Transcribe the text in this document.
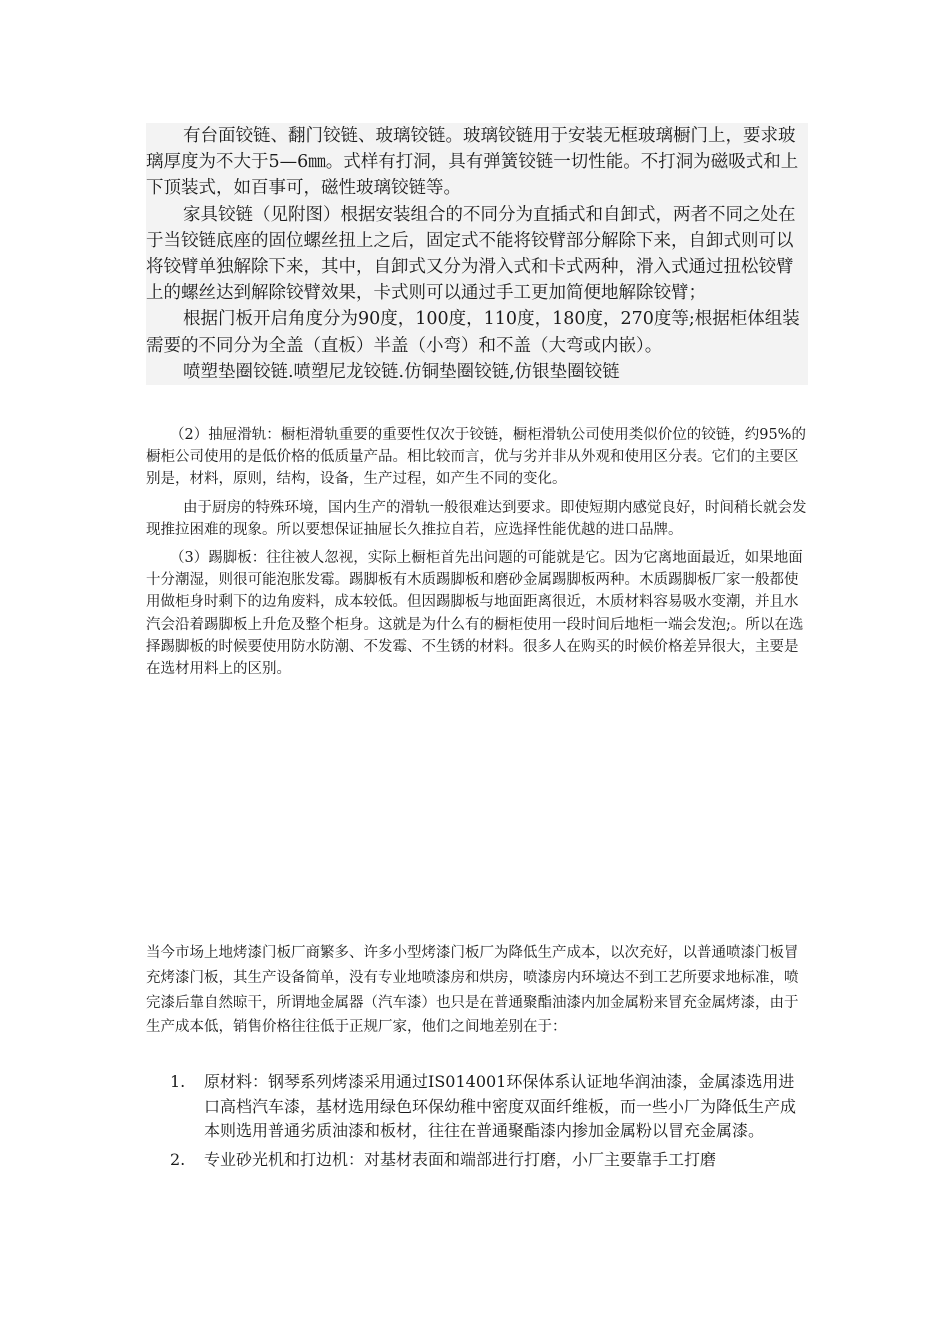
有台面铰链、翻门铰链、玻璃铰链。玻璃铰链用于安装无框玻璃橱门上，要求玻璃厚度为不大于5—6㎜。式样有打洞，具有弹簧铰链一切性能。不打洞为磁吸式和上下顶装式，如百事可，磁性玻璃铰链等。

家具铰链（见附图）根据安装组合的不同分为直插式和自卸式，两者不同之处在于当铰链底座的固位螺丝扭上之后，固定式不能将铰臂部分解除下来，自卸式则可以将铰臂单独解除下来，其中，自卸式又分为滑入式和卡式两种，滑入式通过扭松铰臂上的螺丝达到解除铰臂效果，卡式则可以通过手工更加简便地解除铰臂；

根据门板开启角度分为90度，100度，110度，180度，270度等;根据柜体组装需要的不同分为全盖（直板）半盖（小弯）和不盖（大弯或内嵌）。

喷塑垫圈铰链.喷塑尼龙铰链.仿铜垫圈铰链,仿银垫圈铰链

（2）抽屉滑轨：橱柜滑轨重要的重要性仅次于铰链，橱柜滑轨公司使用类似价位的铰链，约95%的橱柜公司使用的是低价格的低质量产品。相比较而言，优与劣并非从外观和使用区分表。它们的主要区别是，材料，原则，结构，设备，生产过程，如产生不同的变化。

由于厨房的特殊环境，国内生产的滑轨一般很难达到要求。即使短期内感觉良好，时间稍长就会发现推拉困难的现象。所以要想保证抽屉长久推拉自若，应选择性能优越的进口品牌。

（3）踢脚板：往往被人忽视，实际上橱柜首先出问题的可能就是它。因为它离地面最近，如果地面十分潮湿，则很可能泡胀发霉。踢脚板有木质踢脚板和磨砂金属踢脚板两种。木质踢脚板厂家一般都使用做柜身时剩下的边角废料，成本较低。但因踢脚板与地面距离很近，木质材料容易吸水变潮，并且水汽会沿着踢脚板上升危及整个柜身。这就是为什么有的橱柜使用一段时间后地柜一端会发泡;。所以在选择踢脚板的时候要使用防水防潮、不发霉、不生锈的材料。很多人在购买的时候价格差异很大，主要是在选材用料上的区别。

当今市场上地烤漆门板厂商繁多、许多小型烤漆门板厂为降低生产成本，以次充好，以普通喷漆门板冒充烤漆门板，其生产设备简单，没有专业地喷漆房和烘房，喷漆房内环境达不到工艺所要求地标准，喷完漆后靠自然晾干，所谓地金属器（汽车漆）也只是在普通聚酯油漆内加金属粉来冒充金属烤漆，由于生产成本低，销售价格往往低于正规厂家，他们之间地差别在于：

1. 原材料：钢琴系列烤漆采用通过IS014001环保体系认证地华润油漆，金属漆选用进口高档汽车漆，基材选用绿色环保幼稚中密度双面纤维板，而一些小厂为降低生产成本则选用普通劣质油漆和板材，往往在普通聚酯漆内掺加金属粉以冒充金属漆。
2. 专业砂光机和打边机：对基材表面和端部进行打磨，小厂主要靠手工打磨
